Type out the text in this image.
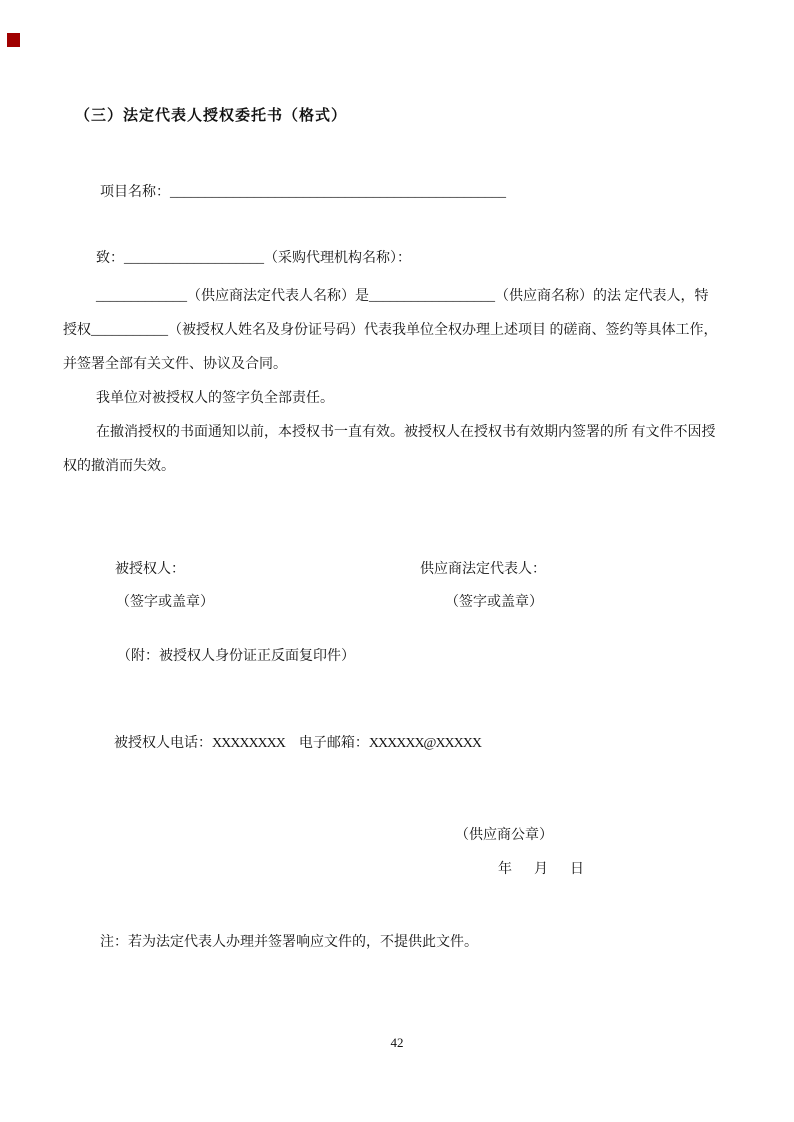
（三）法定代表人授权委托书（格式）
项目名称：________________________________________________
致：____________________（采购代理机构名称）：
_____________（供应商法定代表人名称）是__________________（供应商名称）的法 定代表人，特
授权___________（被授权人姓名及身份证号码）代表我单位全权办理上述项目 的磋商、签约等具体工作，
并签署全部有关文件、协议及合同。
我单位对被授权人的签字负全部责任。
在撤消授权的书面通知以前，本授权书一直有效。被授权人在授权书有效期内签署的所 有文件不因授
权的撤消而失效。
被授权人：	供应商法定代表人：
（签字或盖章）	（签字或盖章）
（附：被授权人身份证正反面复印件）
被授权人电话：XXXXXXXX 电子邮箱：XXXXXX@XXXXX
（供应商公章）
年　月　日
注：若为法定代表人办理并签署响应文件的，不提供此文件。
42
